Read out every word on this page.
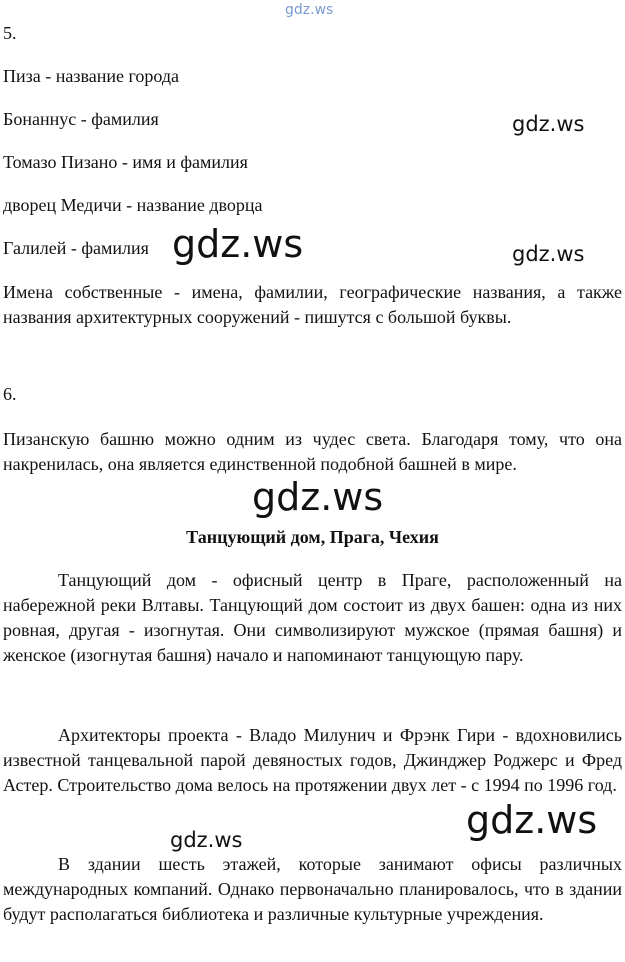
gdz.ws
5.
Пиза - название города
Бонаннус - фамилия
Томазо Пизано - имя и фамилия
дворец Медичи - название дворца
Галилей - фамилия
gdz.ws
gdz.ws	gdz.ws
Имена собственные - имена, фамилии, географические названия, а также названия архитектурных сооружений - пишутся с большой буквы.
6.
Пизанскую башню можно одним из чудес света. Благодаря тому, что она накренилась, она является единственной подобной башней в мире.
gdz.ws
Танцующий дом, Прага, Чехия
Танцующий дом - офисный центр в Праге, расположенный на набережной реки Влтавы. Танцующий дом состоит из двух башен: одна из них ровная, другая - изогнутая. Они символизируют мужское (прямая башня) и женское (изогнутая башня) начало и напоминают танцующую пару.
Архитекторы проекта - Владо Милунич и Фрэнк Гири - вдохновились известной танцевальной парой девяностых годов, Джинджер Роджерс и Фред Астер. Строительство дома велось на протяжении двух лет - с 1994 по 1996 год.
gdz.ws	gdz.ws
В здании шесть этажей, которые занимают офисы различных международных компаний. Однако первоначально планировалось, что в здании будут располагаться библиотека и различные культурные учреждения.
